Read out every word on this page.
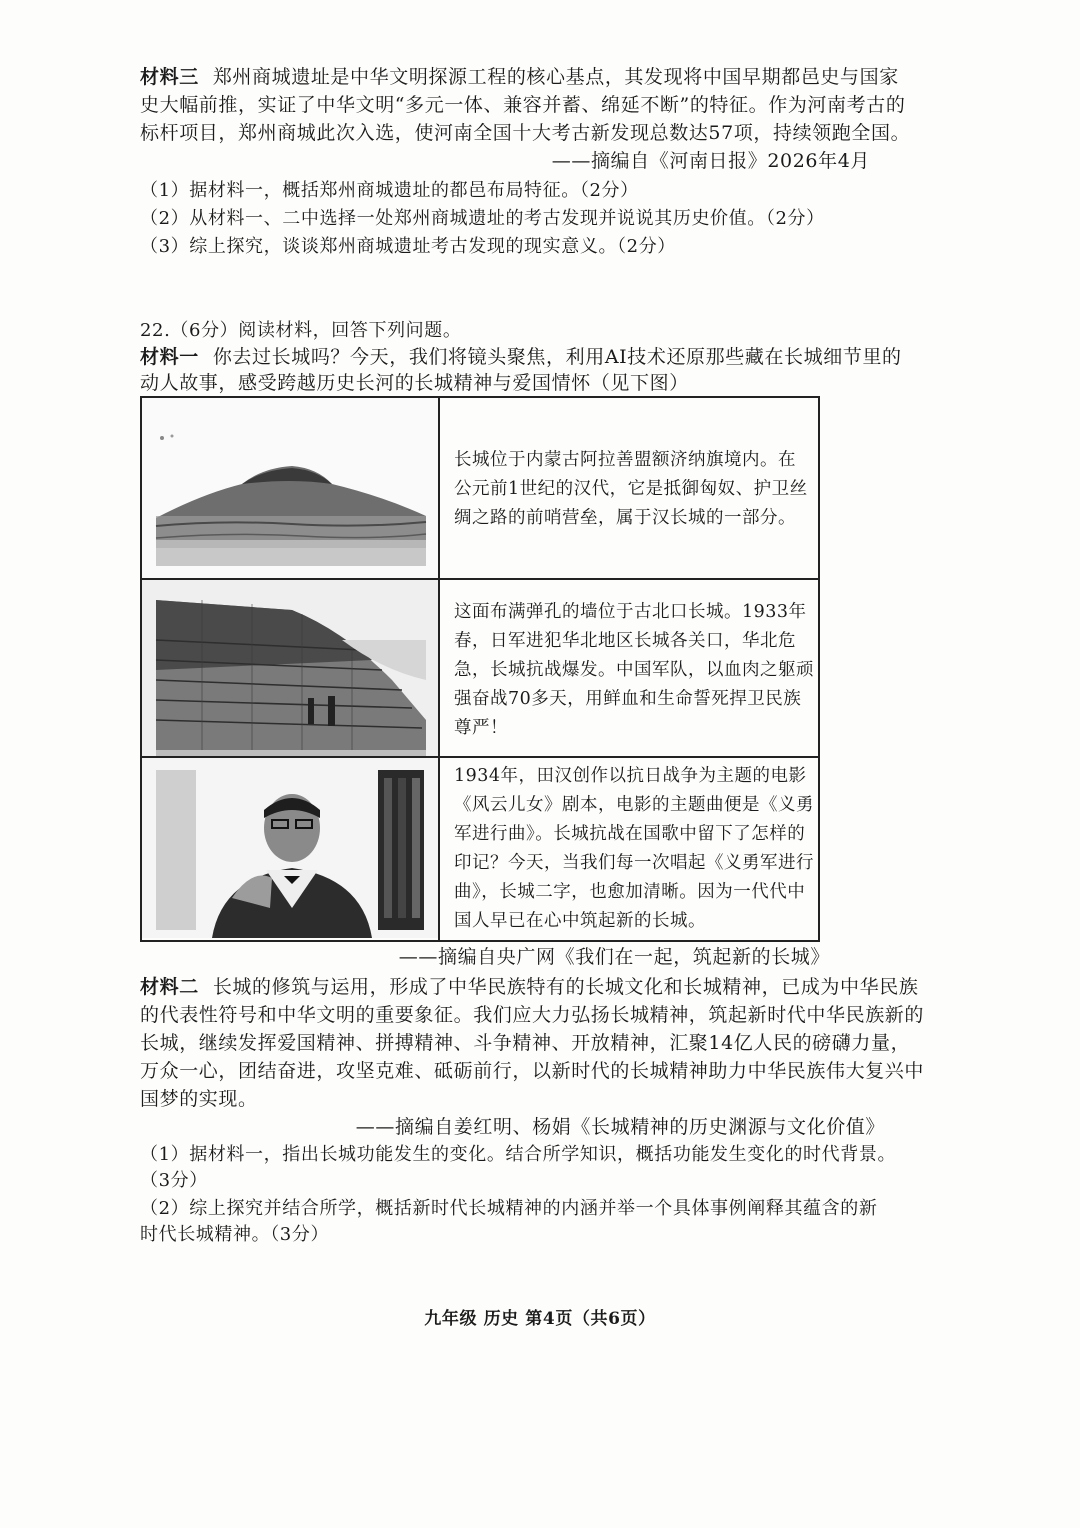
材料三 郑州商城遗址是中华文明探源工程的核心基点，其发现将中国早期都邑史与国家
史大幅前推，实证了中华文明“多元一体、兼容并蓄、绵延不断”的特征。作为河南考古的
标杆项目，郑州商城此次入选，使河南全国十大考古新发现总数达57项，持续领跑全国。
——摘编自《河南日报》2026年4月
（1）据材料一，概括郑州商城遗址的都邑布局特征。（2分）
（2）从材料一、二中选择一处郑州商城遗址的考古发现并说说其历史价值。（2分）
（3）综上探究，谈谈郑州商城遗址考古发现的现实意义。（2分）
22.（6分）阅读材料，回答下列问题。
材料一 你去过长城吗？今天，我们将镜头聚焦，利用AI技术还原那些藏在长城细节里的
动人故事，感受跨越历史长河的长城精神与爱国情怀（见下图）
长城位于内蒙古阿拉善盟额济纳旗境内。在
公元前1世纪的汉代，它是抵御匈奴、护卫丝
绸之路的前哨营垒，属于汉长城的一部分。
这面布满弹孔的墙位于古北口长城。1933年
春，日军进犯华北地区长城各关口，华北危
急，长城抗战爆发。中国军队，以血肉之躯顽
强奋战70多天，用鲜血和生命誓死捍卫民族
尊严！
1934年，田汉创作以抗日战争为主题的电影
《风云儿女》剧本，电影的主题曲便是《义勇
军进行曲》。长城抗战在国歌中留下了怎样的
印记？今天，当我们每一次唱起《义勇军进行
曲》，长城二字，也愈加清晰。因为一代代中
国人早已在心中筑起新的长城。
——摘编自央广网《我们在一起，筑起新的长城》
材料二 长城的修筑与运用，形成了中华民族特有的长城文化和长城精神，已成为中华民族
的代表性符号和中华文明的重要象征。我们应大力弘扬长城精神，筑起新时代中华民族新的
长城，继续发挥爱国精神、拼搏精神、斗争精神、开放精神，汇聚14亿人民的磅礴力量，
万众一心，团结奋进，攻坚克难、砥砺前行，以新时代的长城精神助力中华民族伟大复兴中
国梦的实现。
——摘编自姜红明、杨娟《长城精神的历史渊源与文化价值》
（1）据材料一，指出长城功能发生的变化。结合所学知识，概括功能发生变化的时代背景。
（3分）
（2）综上探究并结合所学，概括新时代长城精神的内涵并举一个具体事例阐释其蕴含的新
时代长城精神。（3分）
九年级 历史 第4页（共6页）
